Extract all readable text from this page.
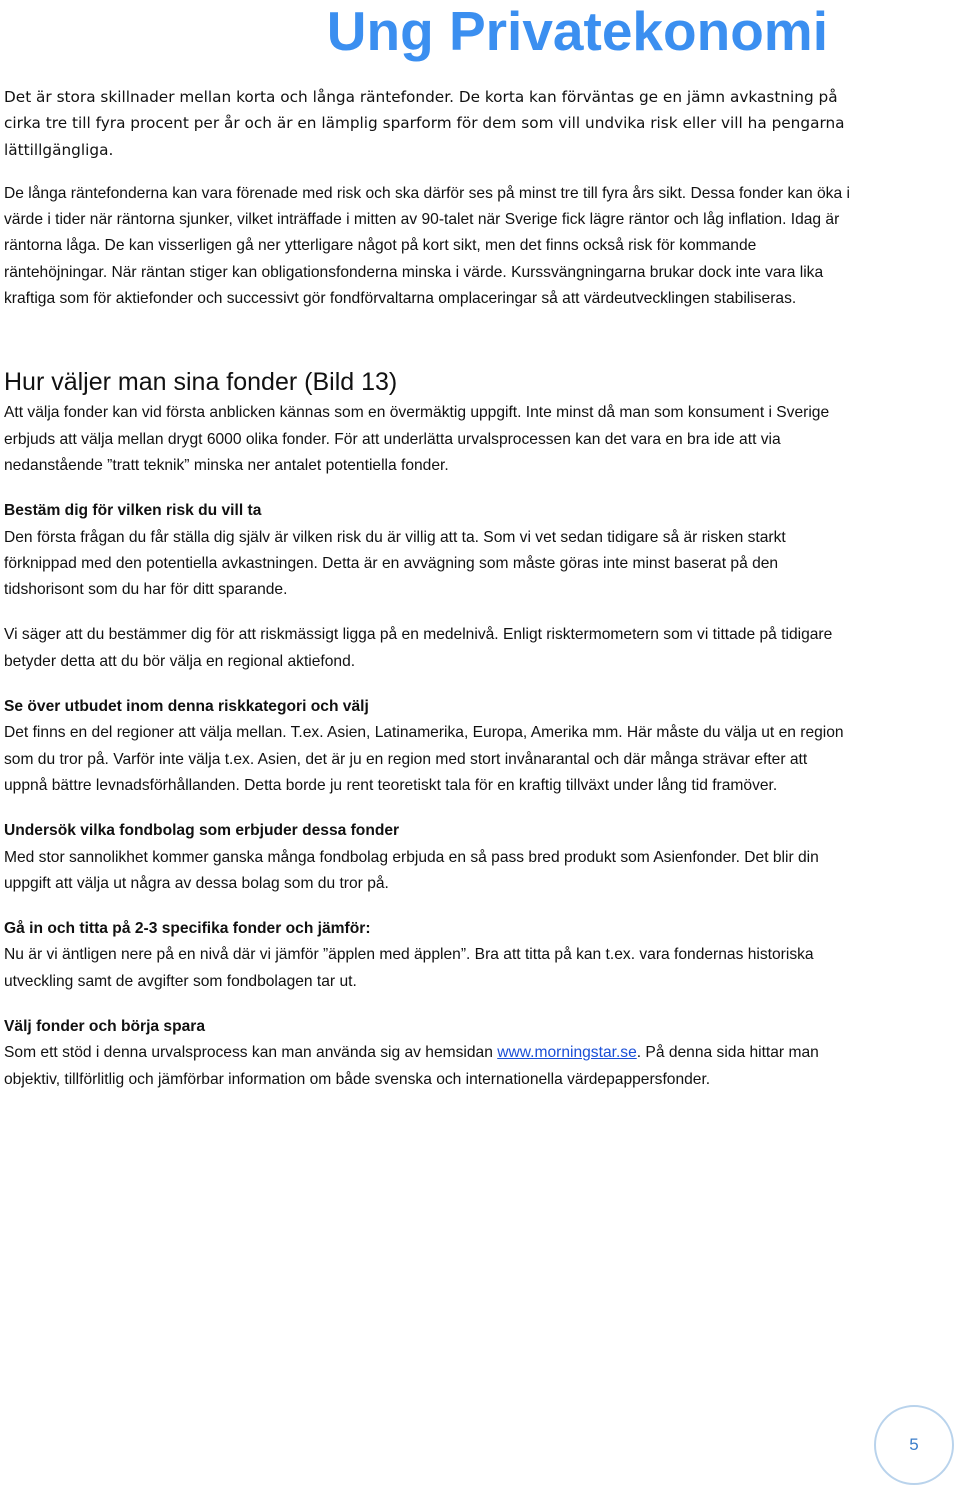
Ung Privatekonomi

Det är stora skillnader mellan korta och långa räntefonder. De korta kan förväntas ge en jämn avkastning på cirka tre till fyra procent per år och är en lämplig sparform för dem som vill undvika risk eller vill ha pengarna lättillgängliga.

De långa räntefonderna kan vara förenade med risk och ska därför ses på minst tre till fyra års sikt. Dessa fonder kan öka i värde i tider när räntorna sjunker, vilket inträffade i mitten av 90-talet när Sverige fick lägre räntor och låg inflation. Idag är räntorna låga. De kan visserligen gå ner ytterligare något på kort sikt, men det finns också risk för kommande räntehöjningar. När räntan stiger kan obligationsfonderna minska i värde. Kurssvängningarna brukar dock inte vara lika kraftiga som för aktiefonder och successivt gör fondförvaltarna omplaceringar så att värdeutvecklingen stabiliseras.

Hur väljer man sina fonder (Bild 13)

Att välja fonder kan vid första anblicken kännas som en övermäktig uppgift. Inte minst då man som konsument i Sverige erbjuds att välja mellan drygt 6000 olika fonder. För att underlätta urvalsprocessen kan det vara en bra ide att via nedanstående ”tratt teknik” minska ner antalet potentiella fonder.

Bestäm dig för vilken risk du vill ta

Den första frågan du får ställa dig själv är vilken risk du är villig att ta. Som vi vet sedan tidigare så är risken starkt förknippad med den potentiella avkastningen. Detta är en avvägning som måste göras inte minst baserat på den tidshorisont som du har för ditt sparande.

Vi säger att du bestämmer dig för att riskmässigt ligga på en medelnivå. Enligt risktermometern som vi tittade på tidigare betyder detta att du bör välja en regional aktiefond.

Se över utbudet inom denna riskkategori och välj

Det finns en del regioner att välja mellan. T.ex. Asien, Latinamerika, Europa, Amerika mm. Här måste du välja ut en region som du tror på. Varför inte välja t.ex. Asien, det är ju en region med stort invånarantal och där många strävar efter att uppnå bättre levnadsförhållanden. Detta borde ju rent teoretiskt tala för en kraftig tillväxt under lång tid framöver.

Undersök vilka fondbolag som erbjuder dessa fonder

Med stor sannolikhet kommer ganska många fondbolag erbjuda en så pass bred produkt som Asienfonder. Det blir din uppgift att välja ut några av dessa bolag som du tror på.

Gå in och titta på 2-3 specifika fonder och jämför:

Nu är vi äntligen nere på en nivå där vi jämför ”äpplen med äpplen”. Bra att titta på kan t.ex. vara fondernas historiska utveckling samt de avgifter som fondbolagen tar ut.

Välj fonder och börja spara

Som ett stöd i denna urvalsprocess kan man använda sig av hemsidan www.morningstar.se. På denna sida hittar man objektiv, tillförlitlig och jämförbar information om både svenska och internationella värdepappersfonder.

5
